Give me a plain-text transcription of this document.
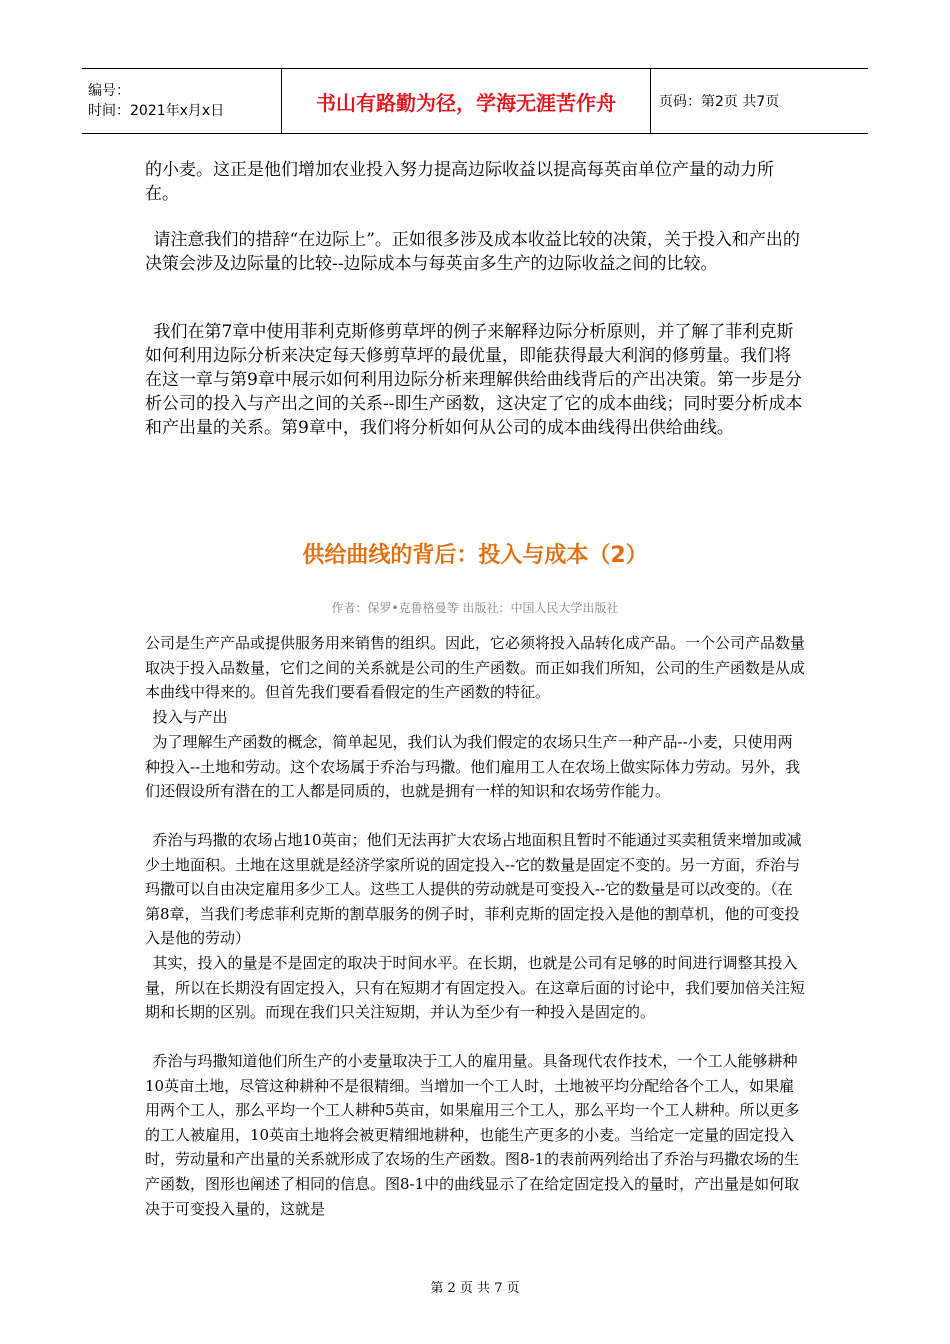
编号：
时间：2021年x月x日	书山有路勤为径，学海无涯苦作舟	页码：第2页 共7页

的小麦。这正是他们增加农业投入努力提高边际收益以提高每英亩单位产量的动力所在。

请注意我们的措辞“在边际上”。正如很多涉及成本收益比较的决策，关于投入和产出的决策会涉及边际量的比较--边际成本与每英亩多生产的边际收益之间的比较。

我们在第7章中使用菲利克斯修剪草坪的例子来解释边际分析原则，并了解了菲利克斯如何利用边际分析来决定每天修剪草坪的最优量，即能获得最大利润的修剪量。我们将在这一章与第9章中展示如何利用边际分析来理解供给曲线背后的产出决策。第一步是分析公司的投入与产出之间的关系--即生产函数，这决定了它的成本曲线；同时要分析成本和产出量的关系。第9章中，我们将分析如何从公司的成本曲线得出供给曲线。

供给曲线的背后：投入与成本（2）

作者：保罗•克鲁格曼等 出版社：中国人民大学出版社

公司是生产产品或提供服务用来销售的组织。因此，它必须将投入品转化成产品。一个公司产品数量取决于投入品数量，它们之间的关系就是公司的生产函数。而正如我们所知，公司的生产函数是从成本曲线中得来的。但首先我们要看看假定的生产函数的特征。

投入与产出

为了理解生产函数的概念，简单起见，我们认为我们假定的农场只生产一种产品--小麦，只使用两种投入--土地和劳动。这个农场属于乔治与玛撒。他们雇用工人在农场上做实际体力劳动。另外，我们还假设所有潜在的工人都是同质的，也就是拥有一样的知识和农场劳作能力。

乔治与玛撒的农场占地10英亩；他们无法再扩大农场占地面积且暂时不能通过买卖租赁来增加或减少土地面积。土地在这里就是经济学家所说的固定投入--它的数量是固定不变的。另一方面，乔治与玛撒可以自由决定雇用多少工人。这些工人提供的劳动就是可变投入--它的数量是可以改变的。（在第8章，当我们考虑菲利克斯的割草服务的例子时，菲利克斯的固定投入是他的割草机，他的可变投入是他的劳动）

其实，投入的量是不是固定的取决于时间水平。在长期，也就是公司有足够的时间进行调整其投入量，所以在长期没有固定投入，只有在短期才有固定投入。在这章后面的讨论中，我们要加倍关注短期和长期的区别。而现在我们只关注短期，并认为至少有一种投入是固定的。

乔治与玛撒知道他们所生产的小麦量取决于工人的雇用量。具备现代农作技术，一个工人能够耕种10英亩土地，尽管这种耕种不是很精细。当增加一个工人时，土地被平均分配给各个工人，如果雇用两个工人，那么平均一个工人耕种5英亩，如果雇用三个工人，那么平均一个工人耕种。所以更多的工人被雇用，10英亩土地将会被更精细地耕种，也能生产更多的小麦。当给定一定量的固定投入时，劳动量和产出量的关系就形成了农场的生产函数。图8-1的表前两列给出了乔治与玛撒农场的生产函数，图形也阐述了相同的信息。图8-1中的曲线显示了在给定固定投入的量时，产出量是如何取决于可变投入量的，这就是

第 2 页 共 7 页
